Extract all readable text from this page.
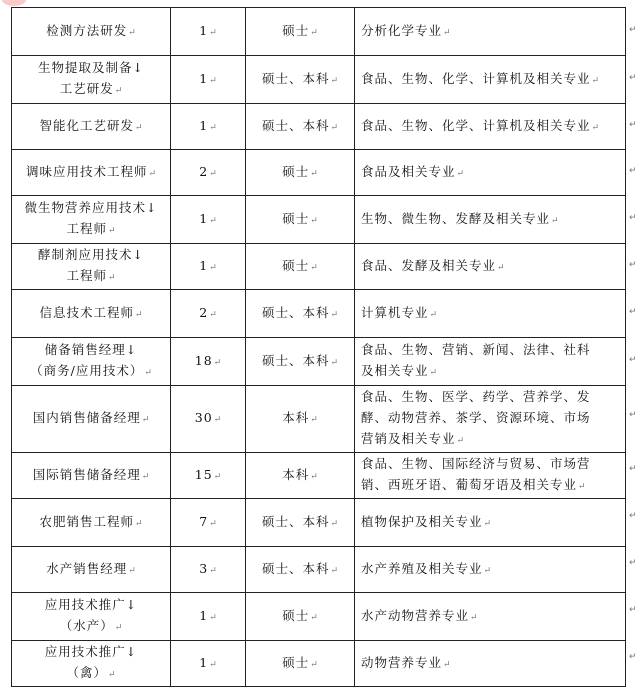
检测方法研发↵	1↵	硕士↵	分析化学专业↵

生物提取及制备↓
工艺研发↵	1↵	硕士、本科↵	食品、生物、化学、计算机及相关专业↵

智能化工艺研发↵	1↵	硕士、本科↵	食品、生物、化学、计算机及相关专业↵

调味应用技术工程师↵	2↵	硕士↵	食品及相关专业↵

微生物营养应用技术↓
工程师↵	1↵	硕士↵	生物、微生物、发酵及相关专业↵

酵制剂应用技术↓
工程师↵	1↵	硕士↵	食品、发酵及相关专业↵

信息技术工程师↵	2↵	硕士、本科↵	计算机专业↵

储备销售经理↓
（商务/应用技术）↵	18↵	硕士、本科↵	食品、生物、营销、新闻、法律、社科及相关专业↵

国内销售储备经理↵	30↵	本科↵	食品、生物、医学、药学、营养学、发酵、动物营养、茶学、资源环境、市场营销及相关专业↵

国际销售储备经理↵	15↵	本科↵	食品、生物、国际经济与贸易、市场营销、西班牙语、葡萄牙语及相关专业↵

农肥销售工程师↵	7↵	硕士、本科↵	植物保护及相关专业↵

水产销售经理↵	3↵	硕士、本科↵	水产养殖及相关专业↵

应用技术推广↓
（水产）↵	1↵	硕士↵	水产动物营养专业↵

应用技术推广↓
（禽）↵	1↵	硕士↵	动物营养专业↵
↵
↵
↵
↵
↵
↵
↵
↵
↵
↵
↵
↵
↵
↵
